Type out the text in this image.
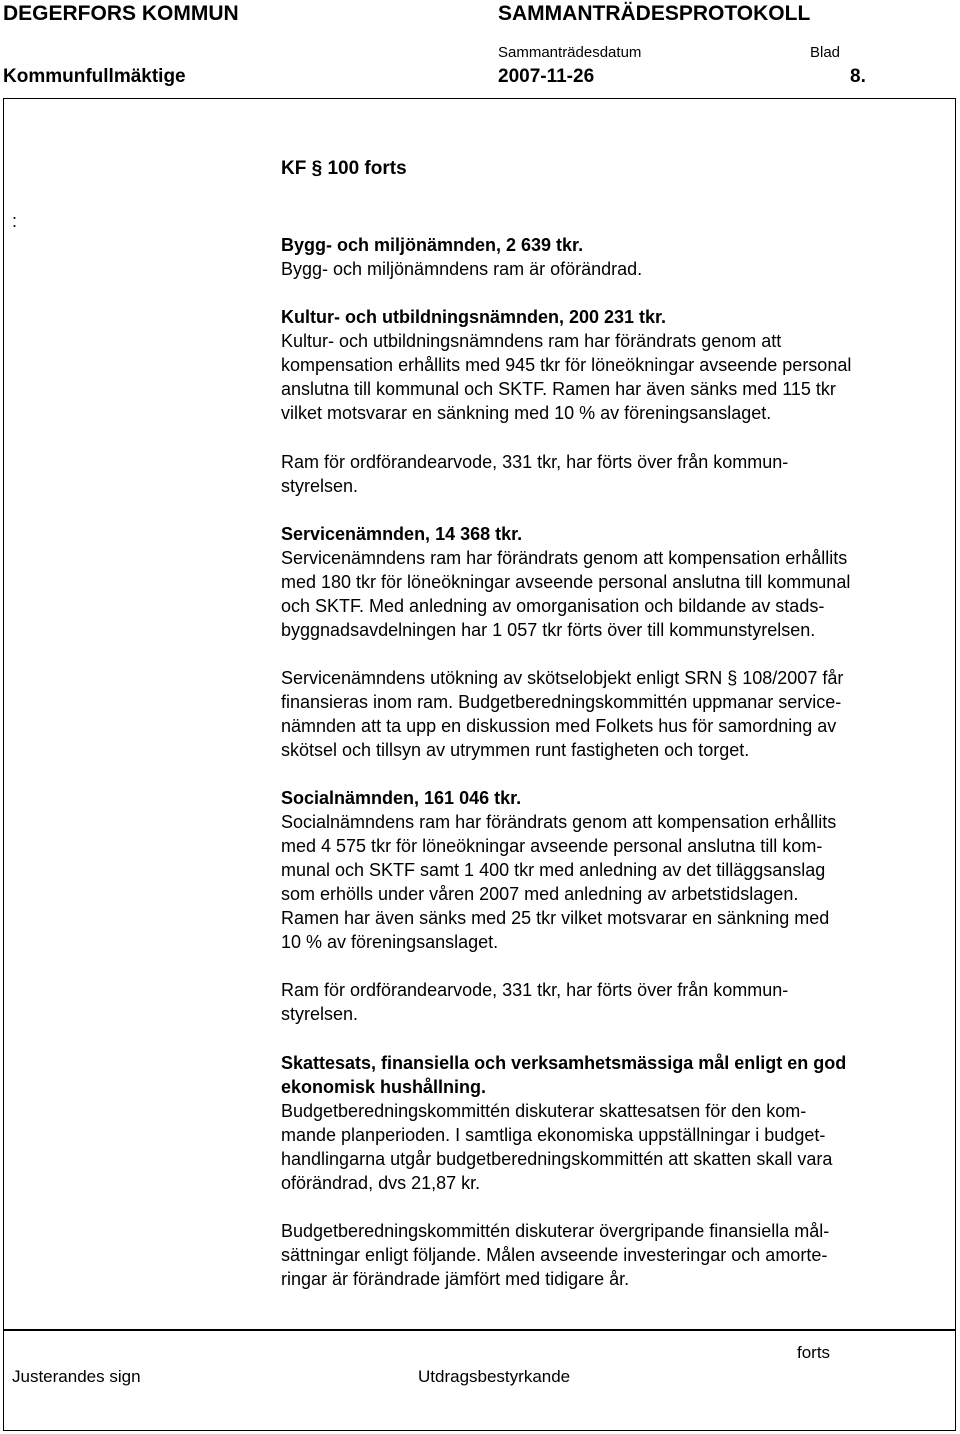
DEGERFORS KOMMUN	SAMMANTRÄDESPROTOKOLL
Sammanträdesdatum	Blad
Kommunfullmäktige	2007-11-26	8.
:
KF § 100 forts

Bygg- och miljönämnden, 2 639 tkr.

Bygg- och miljönämndens ram är oförändrad.

Kultur- och utbildningsnämnden, 200 231 tkr.

Kultur- och utbildningsnämndens ram har förändrats genom att

kompensation erhållits med 945 tkr för löneökningar avseende personal

anslutna till kommunal och SKTF. Ramen har även sänks med 115 tkr

vilket motsvarar en sänkning med 10 % av föreningsanslaget.

Ram för ordförandearvode, 331 tkr, har förts över från kommun-

styrelsen.

Servicenämnden, 14 368 tkr.

Servicenämndens ram har förändrats genom att kompensation erhållits

med 180 tkr för löneökningar avseende personal anslutna till kommunal

och SKTF. Med anledning av omorganisation och bildande av stads-

byggnadsavdelningen har 1 057 tkr förts över till kommunstyrelsen.

Servicenämndens utökning av skötselobjekt enligt SRN § 108/2007 får

finansieras inom ram. Budgetberedningskommittén uppmanar service-

nämnden att ta upp en diskussion med Folkets hus för samordning av

skötsel och tillsyn av utrymmen runt fastigheten och torget.

Socialnämnden, 161 046 tkr.

Socialnämndens ram har förändrats genom att kompensation erhållits

med 4 575 tkr för löneökningar avseende personal anslutna till kom-

munal och SKTF samt 1 400 tkr med anledning av det tilläggsanslag

som erhölls under våren 2007 med anledning av arbetstidslagen.

Ramen har även sänks med 25 tkr vilket motsvarar en sänkning med

10 % av föreningsanslaget.

Ram för ordförandearvode, 331 tkr, har förts över från kommun-

styrelsen.

Skattesats, finansiella och verksamhetsmässiga mål enligt en god

ekonomisk hushållning.

Budgetberedningskommittén diskuterar skattesatsen för den kom-

mande planperioden. I samtliga ekonomiska uppställningar i budget-

handlingarna utgår budgetberedningskommittén att skatten skall vara

oförändrad, dvs 21,87 kr.

Budgetberedningskommittén diskuterar övergripande finansiella mål-

sättningar enligt följande. Målen avseende investeringar och amorte-

ringar är förändrade jämfört med tidigare år.

forts
Justerandes sign	Utdragsbestyrkande
